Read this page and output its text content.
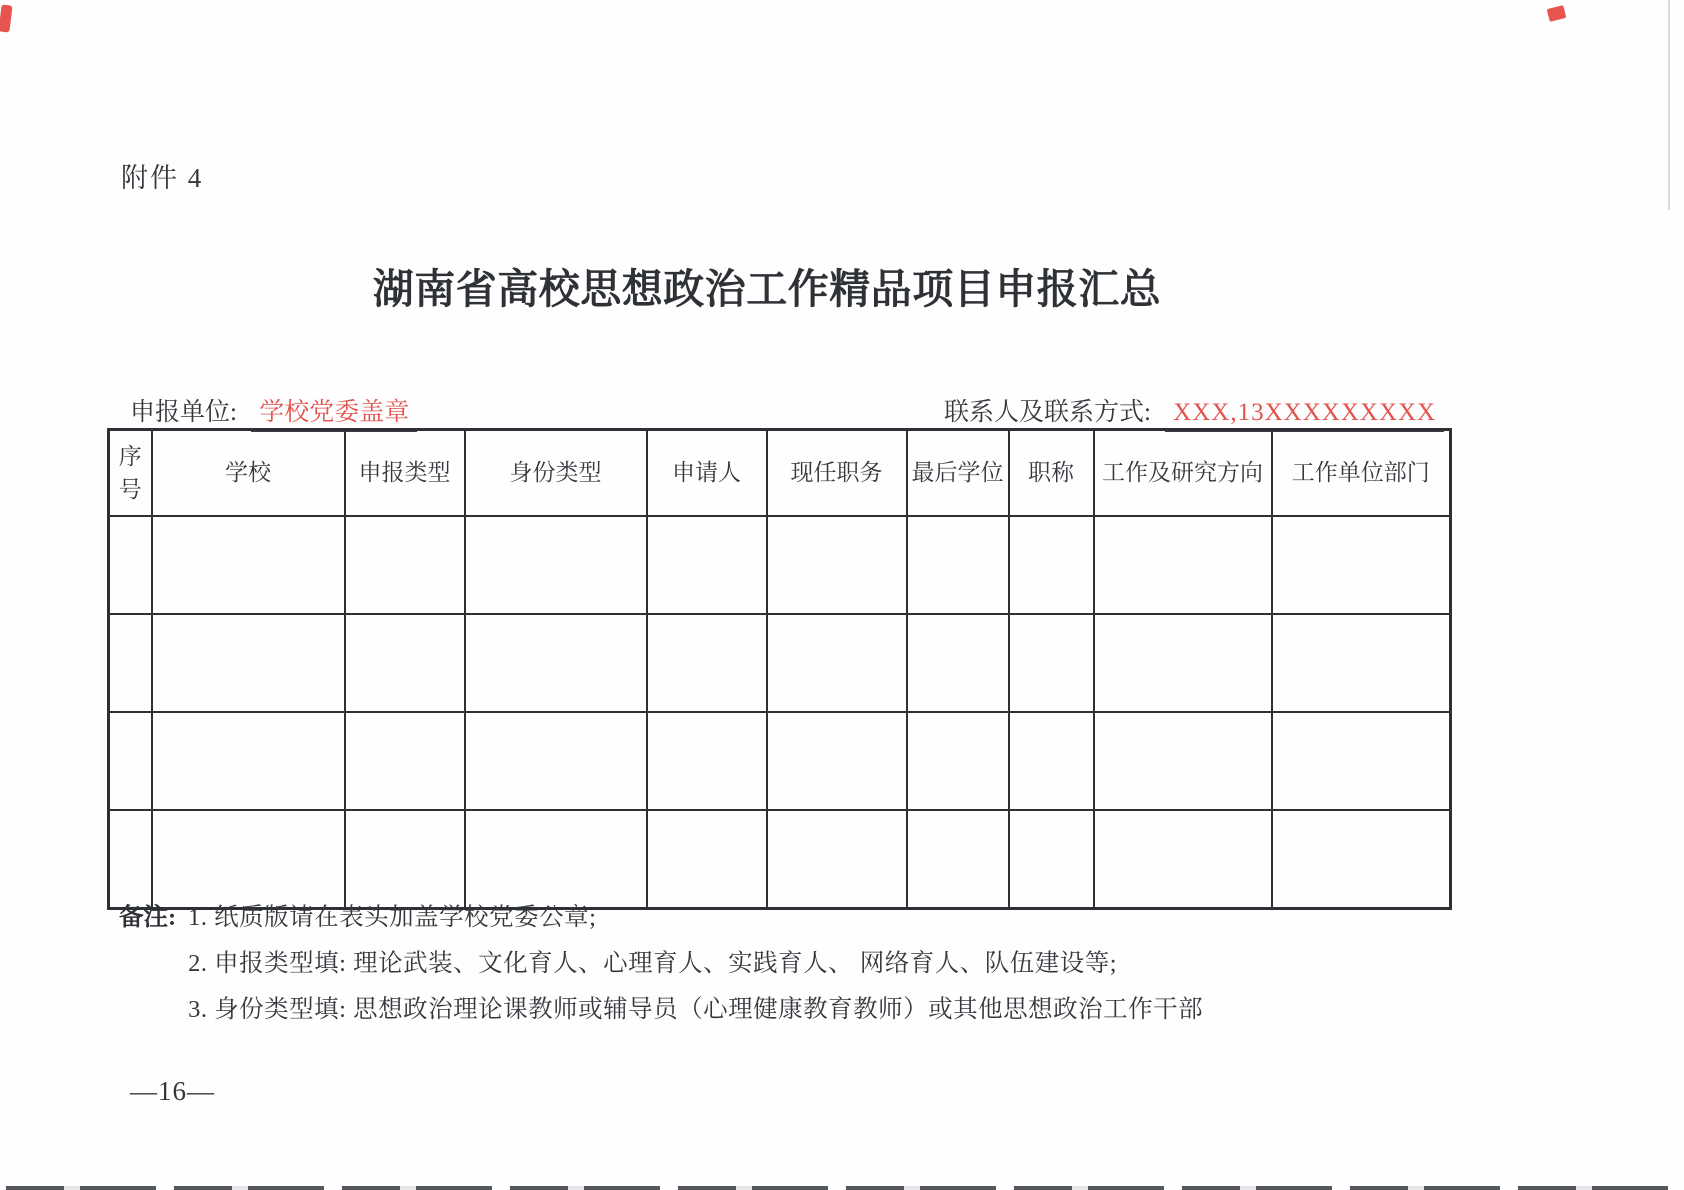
附件 4
湖南省高校思想政治工作精品项目申报汇总
申报单位: 学校党委盖章	联系人及联系方式: XXX,13XXXXXXXXX
序号	学校	申报类型	身份类型	申请人	现任职务	最后学位	职称	工作及研究方向	工作单位部门

备注: 1. 纸质版请在表头加盖学校党委公章;
2. 申报类型填: 理论武装、文化育人、心理育人、实践育人、 网络育人、队伍建设等;
3. 身份类型填: 思想政治理论课教师或辅导员（心理健康教育教师）或其他思想政治工作干部
—16—
